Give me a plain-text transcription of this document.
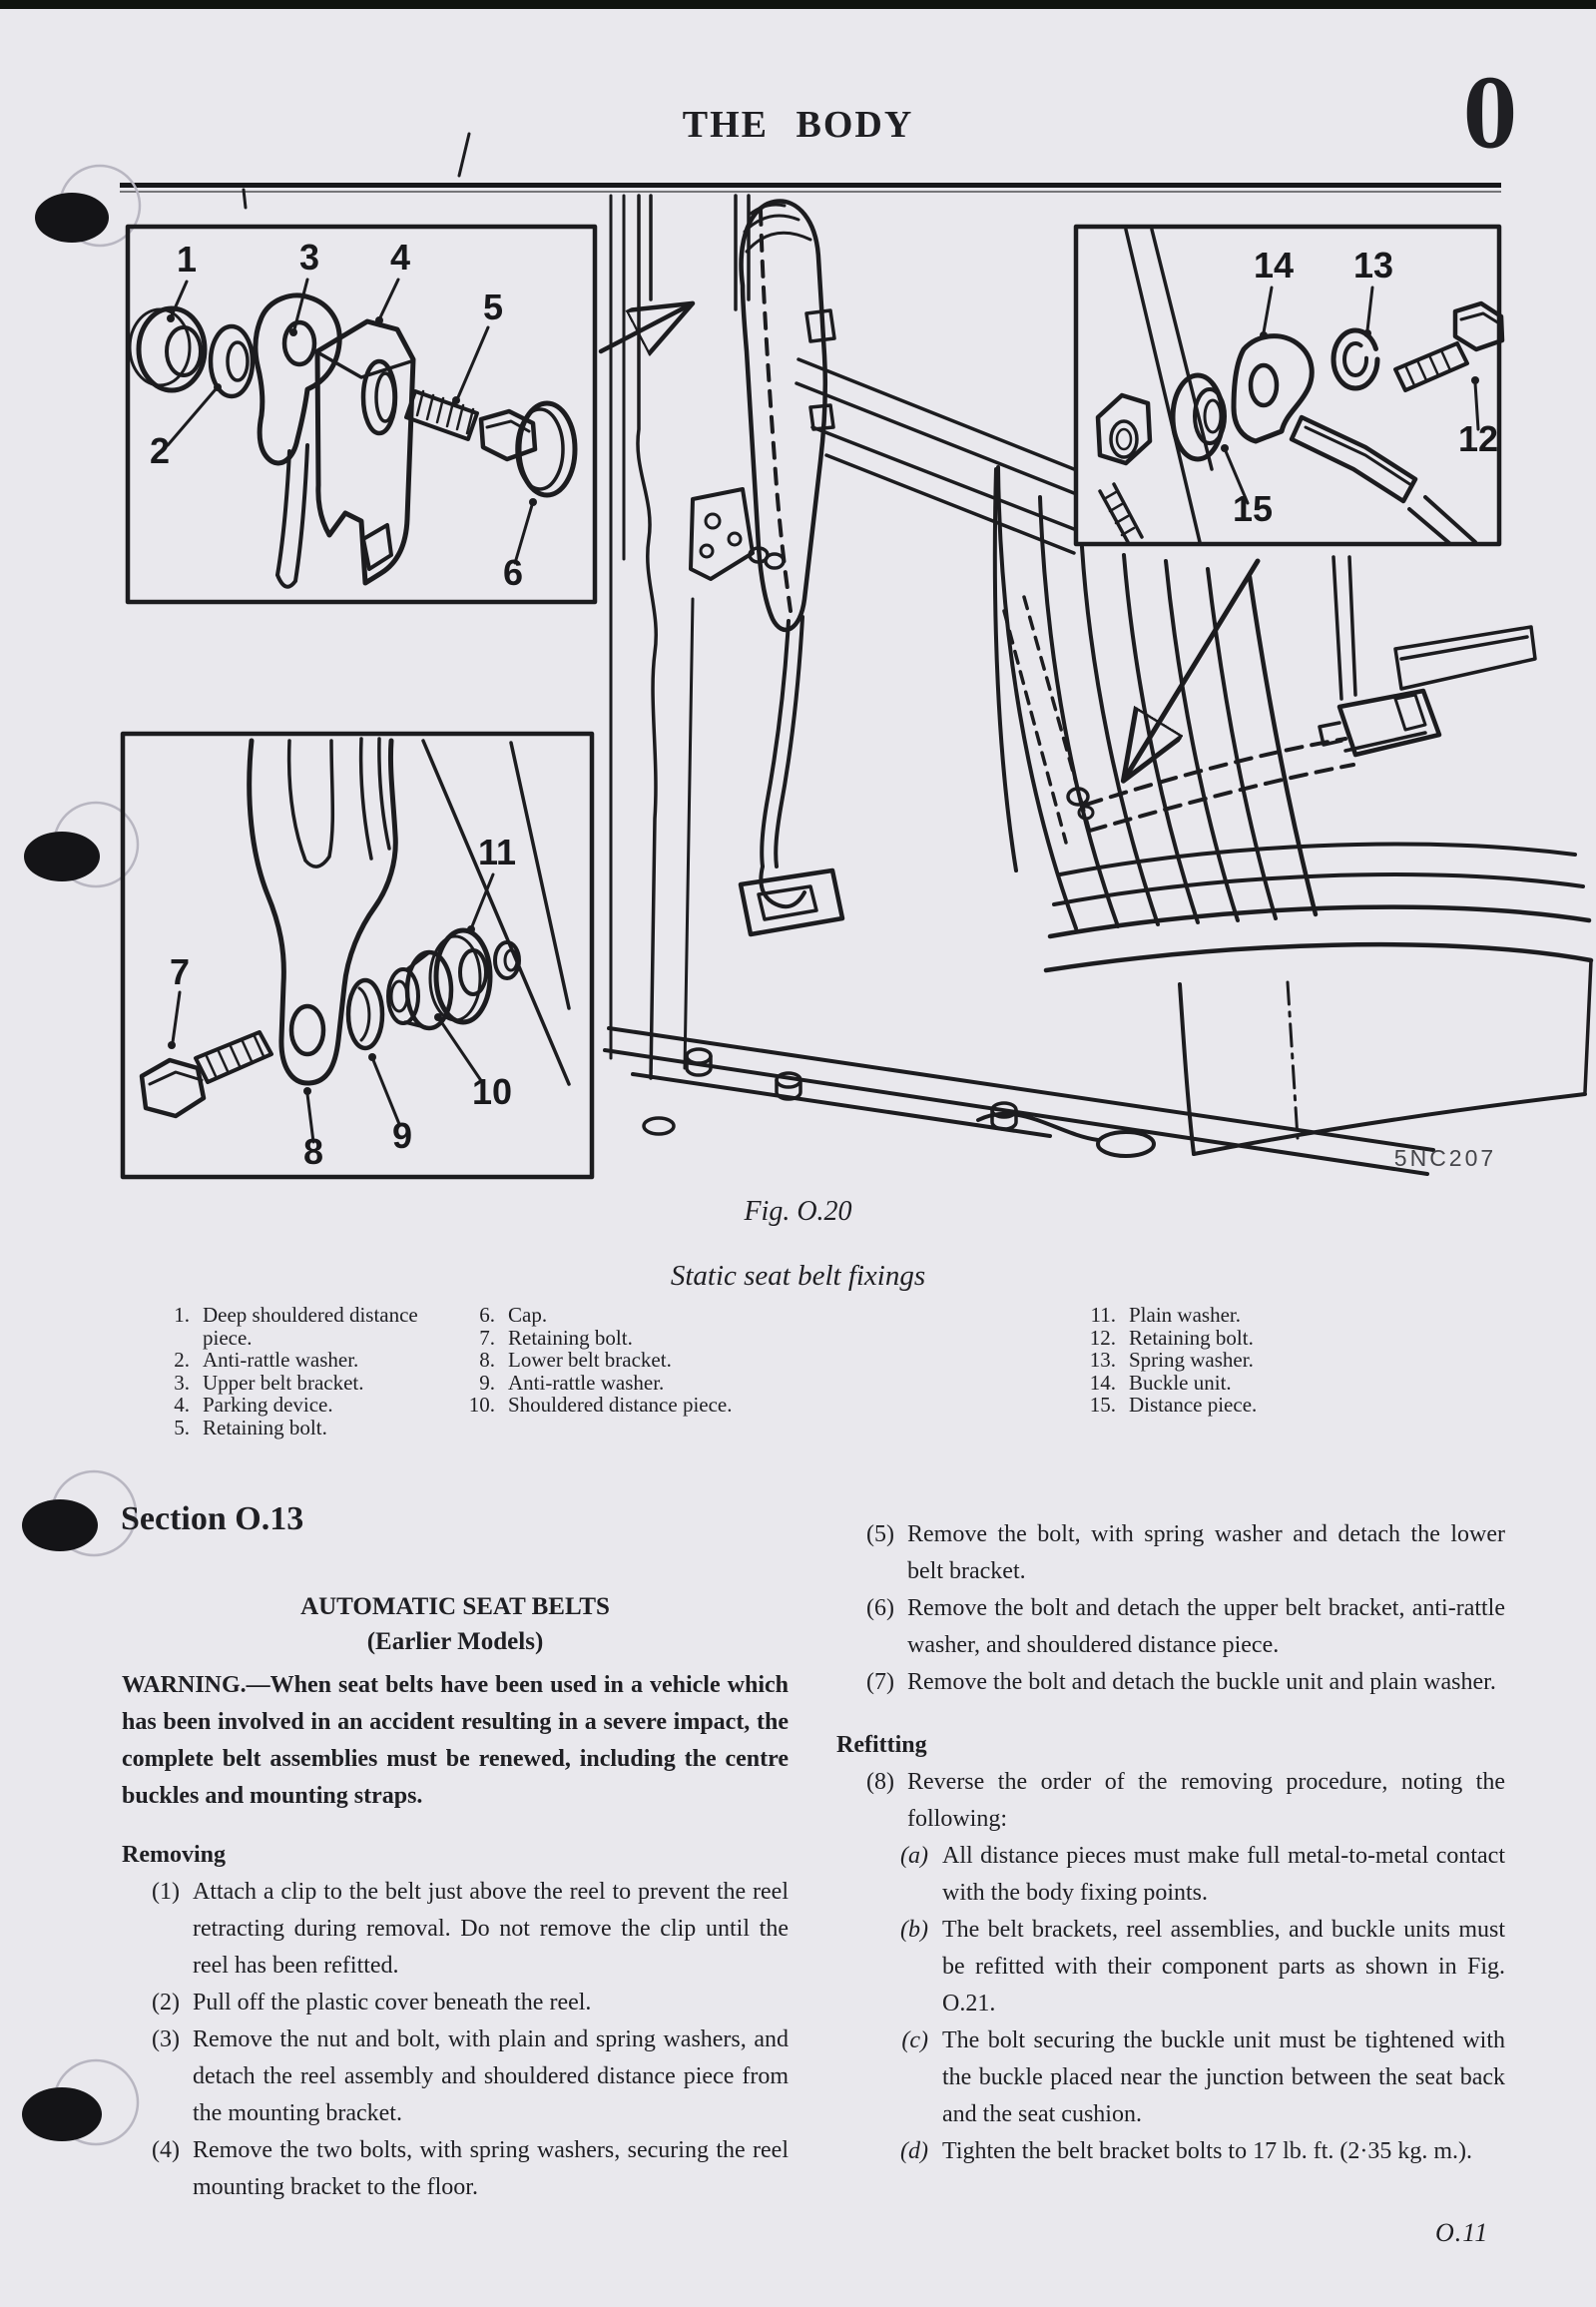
THE BODY	0
1
2
3 4
5
6
7
8 9
10
11
12
13
14
15
5NC207
Fig. O.20
Static seat belt fixings
1. Deep shouldered distance piece.
2. Anti-rattle washer.
3. Upper belt bracket.
4. Parking device.
5. Retaining bolt.
6. Cap.
7. Retaining bolt.
8. Lower belt bracket.
9. Anti-rattle washer.
10. Shouldered distance piece.
11. Plain washer.
12. Retaining bolt.
13. Spring washer.
14. Buckle unit.
15. Distance piece.
Section O.13
AUTOMATIC SEAT BELTS
(Earlier Models)
WARNING.—When seat belts have been used in a vehicle which has been involved in an accident resulting in a severe impact, the complete belt assemblies must be renewed, including the centre buckles and mounting straps.
Removing
(1) Attach a clip to the belt just above the reel to prevent the reel retracting during removal. Do not remove the clip until the reel has been refitted.
(2) Pull off the plastic cover beneath the reel.
(3) Remove the nut and bolt, with plain and spring washers, and detach the reel assembly and shouldered distance piece from the mounting bracket.
(4) Remove the two bolts, with spring washers, securing the reel mounting bracket to the floor.
(5) Remove the bolt, with spring washer and detach the lower belt bracket.
(6) Remove the bolt and detach the upper belt bracket, anti-rattle washer, and shouldered distance piece.
(7) Remove the bolt and detach the buckle unit and plain washer.
Refitting
(8) Reverse the order of the removing procedure, noting the following:
(a) All distance pieces must make full metal-to-metal contact with the body fixing points.
(b) The belt brackets, reel assemblies, and buckle units must be refitted with their component parts as shown in Fig. O.21.
(c) The bolt securing the buckle unit must be tightened with the buckle placed near the junction between the seat back and the seat cushion.
(d) Tighten the belt bracket bolts to 17 lb. ft. (2·35 kg. m.).
O.11
